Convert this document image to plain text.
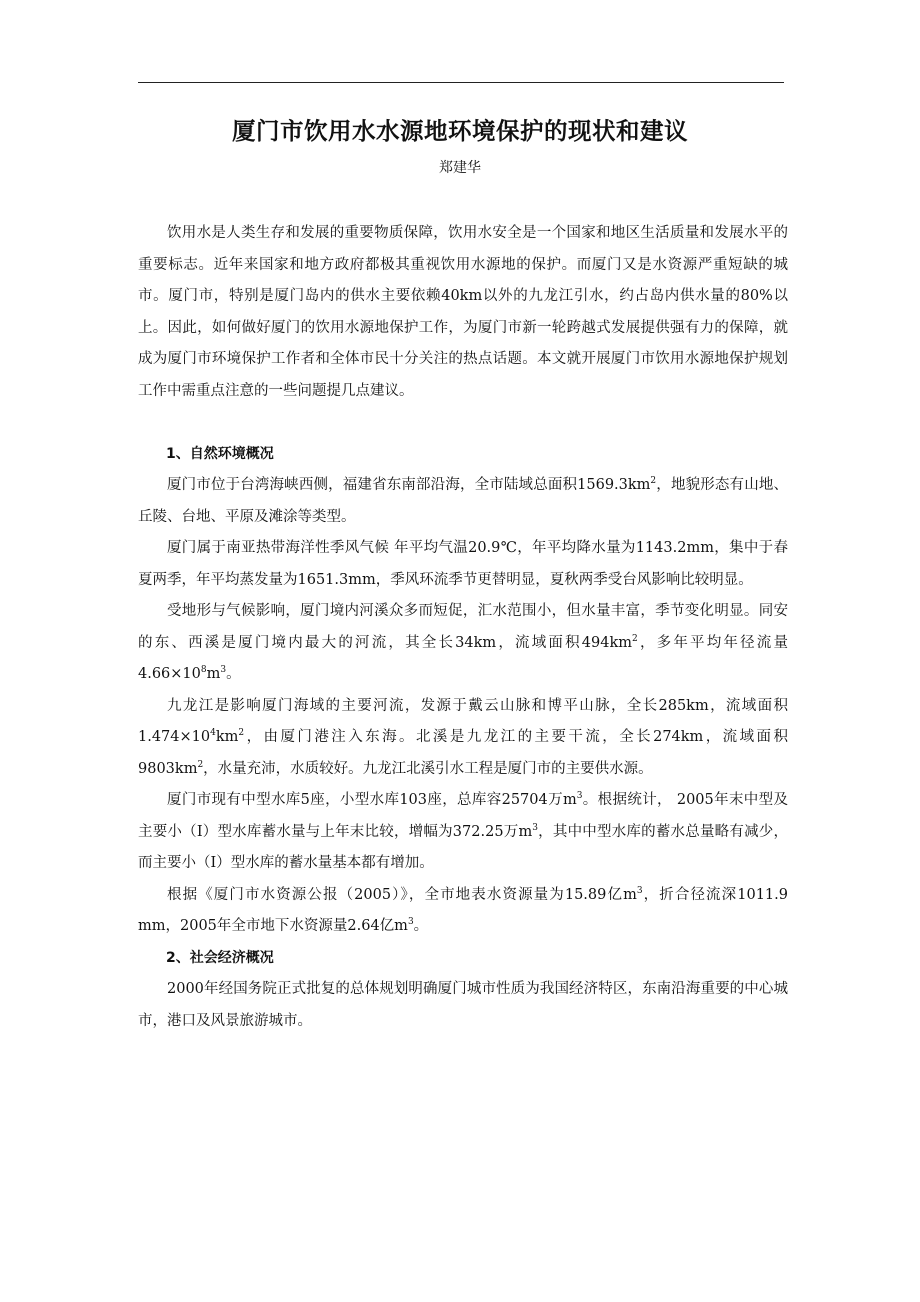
厦门市饮用水水源地环境保护的现状和建议
郑建华

饮用水是人类生存和发展的重要物质保障，饮用水安全是一个国家和地区生活质量和发展水平的重要标志。近年来国家和地方政府都极其重视饮用水源地的保护。而厦门又是水资源严重短缺的城市。厦门市，特别是厦门岛内的供水主要依赖40km以外的九龙江引水，约占岛内供水量的80%以上。因此，如何做好厦门的饮用水源地保护工作，为厦门市新一轮跨越式发展提供强有力的保障，就成为厦门市环境保护工作者和全体市民十分关注的热点话题。本文就开展厦门市饮用水源地保护规划工作中需重点注意的一些问题提几点建议。

1、自然环境概况

厦门市位于台湾海峡西侧，福建省东南部沿海，全市陆域总面积$1569.3km^2$，地貌形态有山地、丘陵、台地、平原及滩涂等类型。

厦门属于南亚热带海洋性季风气候 年平均气温20.9℃，年平均降水量为1143.2mm，集中于春夏两季，年平均蒸发量为1651.3mm，季风环流季节更替明显，夏秋两季受台风影响比较明显。

受地形与气候影响，厦门境内河溪众多而短促，汇水范围小，但水量丰富，季节变化明显。同安的东、西溪是厦门境内最大的河流，其全长34km，流域面积$494km^2$，多年平均年径流量$4.66\times 10^8m^3$。

九龙江是影响厦门海域的主要河流，发源于戴云山脉和博平山脉，全长285km，流域面积$1.474\times 10^4km^2$，由厦门港注入东海。北溪是九龙江的主要干流，全长274km，流域面积$9803km^2$，水量充沛，水质较好。九龙江北溪引水工程是厦门市的主要供水源。

厦门市现有中型水库5座，小型水库103座，总库容25704万$m^3$。根据统计， 2005年末中型及主要小（Ⅰ）型水库蓄水量与上年末比较，增幅为372.25万$m^3$，其中中型水库的蓄水总量略有减少，而主要小（Ⅰ）型水库的蓄水量基本都有增加。

根据《厦门市水资源公报（2005）》，全市地表水资源量为15.89亿$m^3$，折合径流深1011.9 mm，2005年全市地下水资源量2.64亿$m^3$。

2、社会经济概况

2000年经国务院正式批复的总体规划明确厦门城市性质为我国经济特区，东南沿海重要的中心城市，港口及风景旅游城市。
